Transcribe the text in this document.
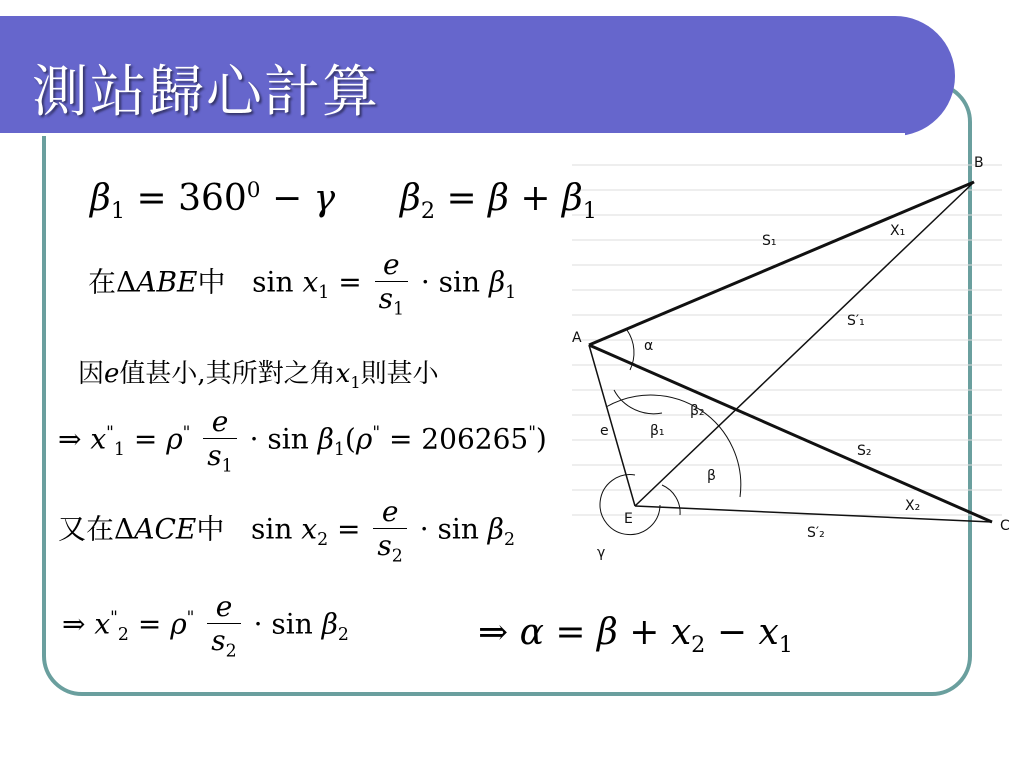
測站歸心計算
B
C
A
E
S₁
S′₁
S₂
S′₂
X₁
X₂
α
β
β₁
β₂
γ
e
$\beta_1 = 360^0 - \gamma$ $\beta_2 = \beta + \beta_1$
在ΔABE中   $\sin x_1 = \frac{e}{s_1} \cdot \sin \beta_1$
因e值甚小,其所對之角$x_1$則甚小
⇒ $x^"_1 = \rho^" \frac{e}{s_1} \cdot \sin \beta_1(\rho^" = 206265^")$
又在ΔACE中   $\sin x_2 = \frac{e}{s_2} \cdot \sin \beta_2$
⇒ $x^"_2 = \rho^" \frac{e}{s_2} \cdot \sin \beta_2$	⇒ $\alpha = \beta + x_2 - x_1$
